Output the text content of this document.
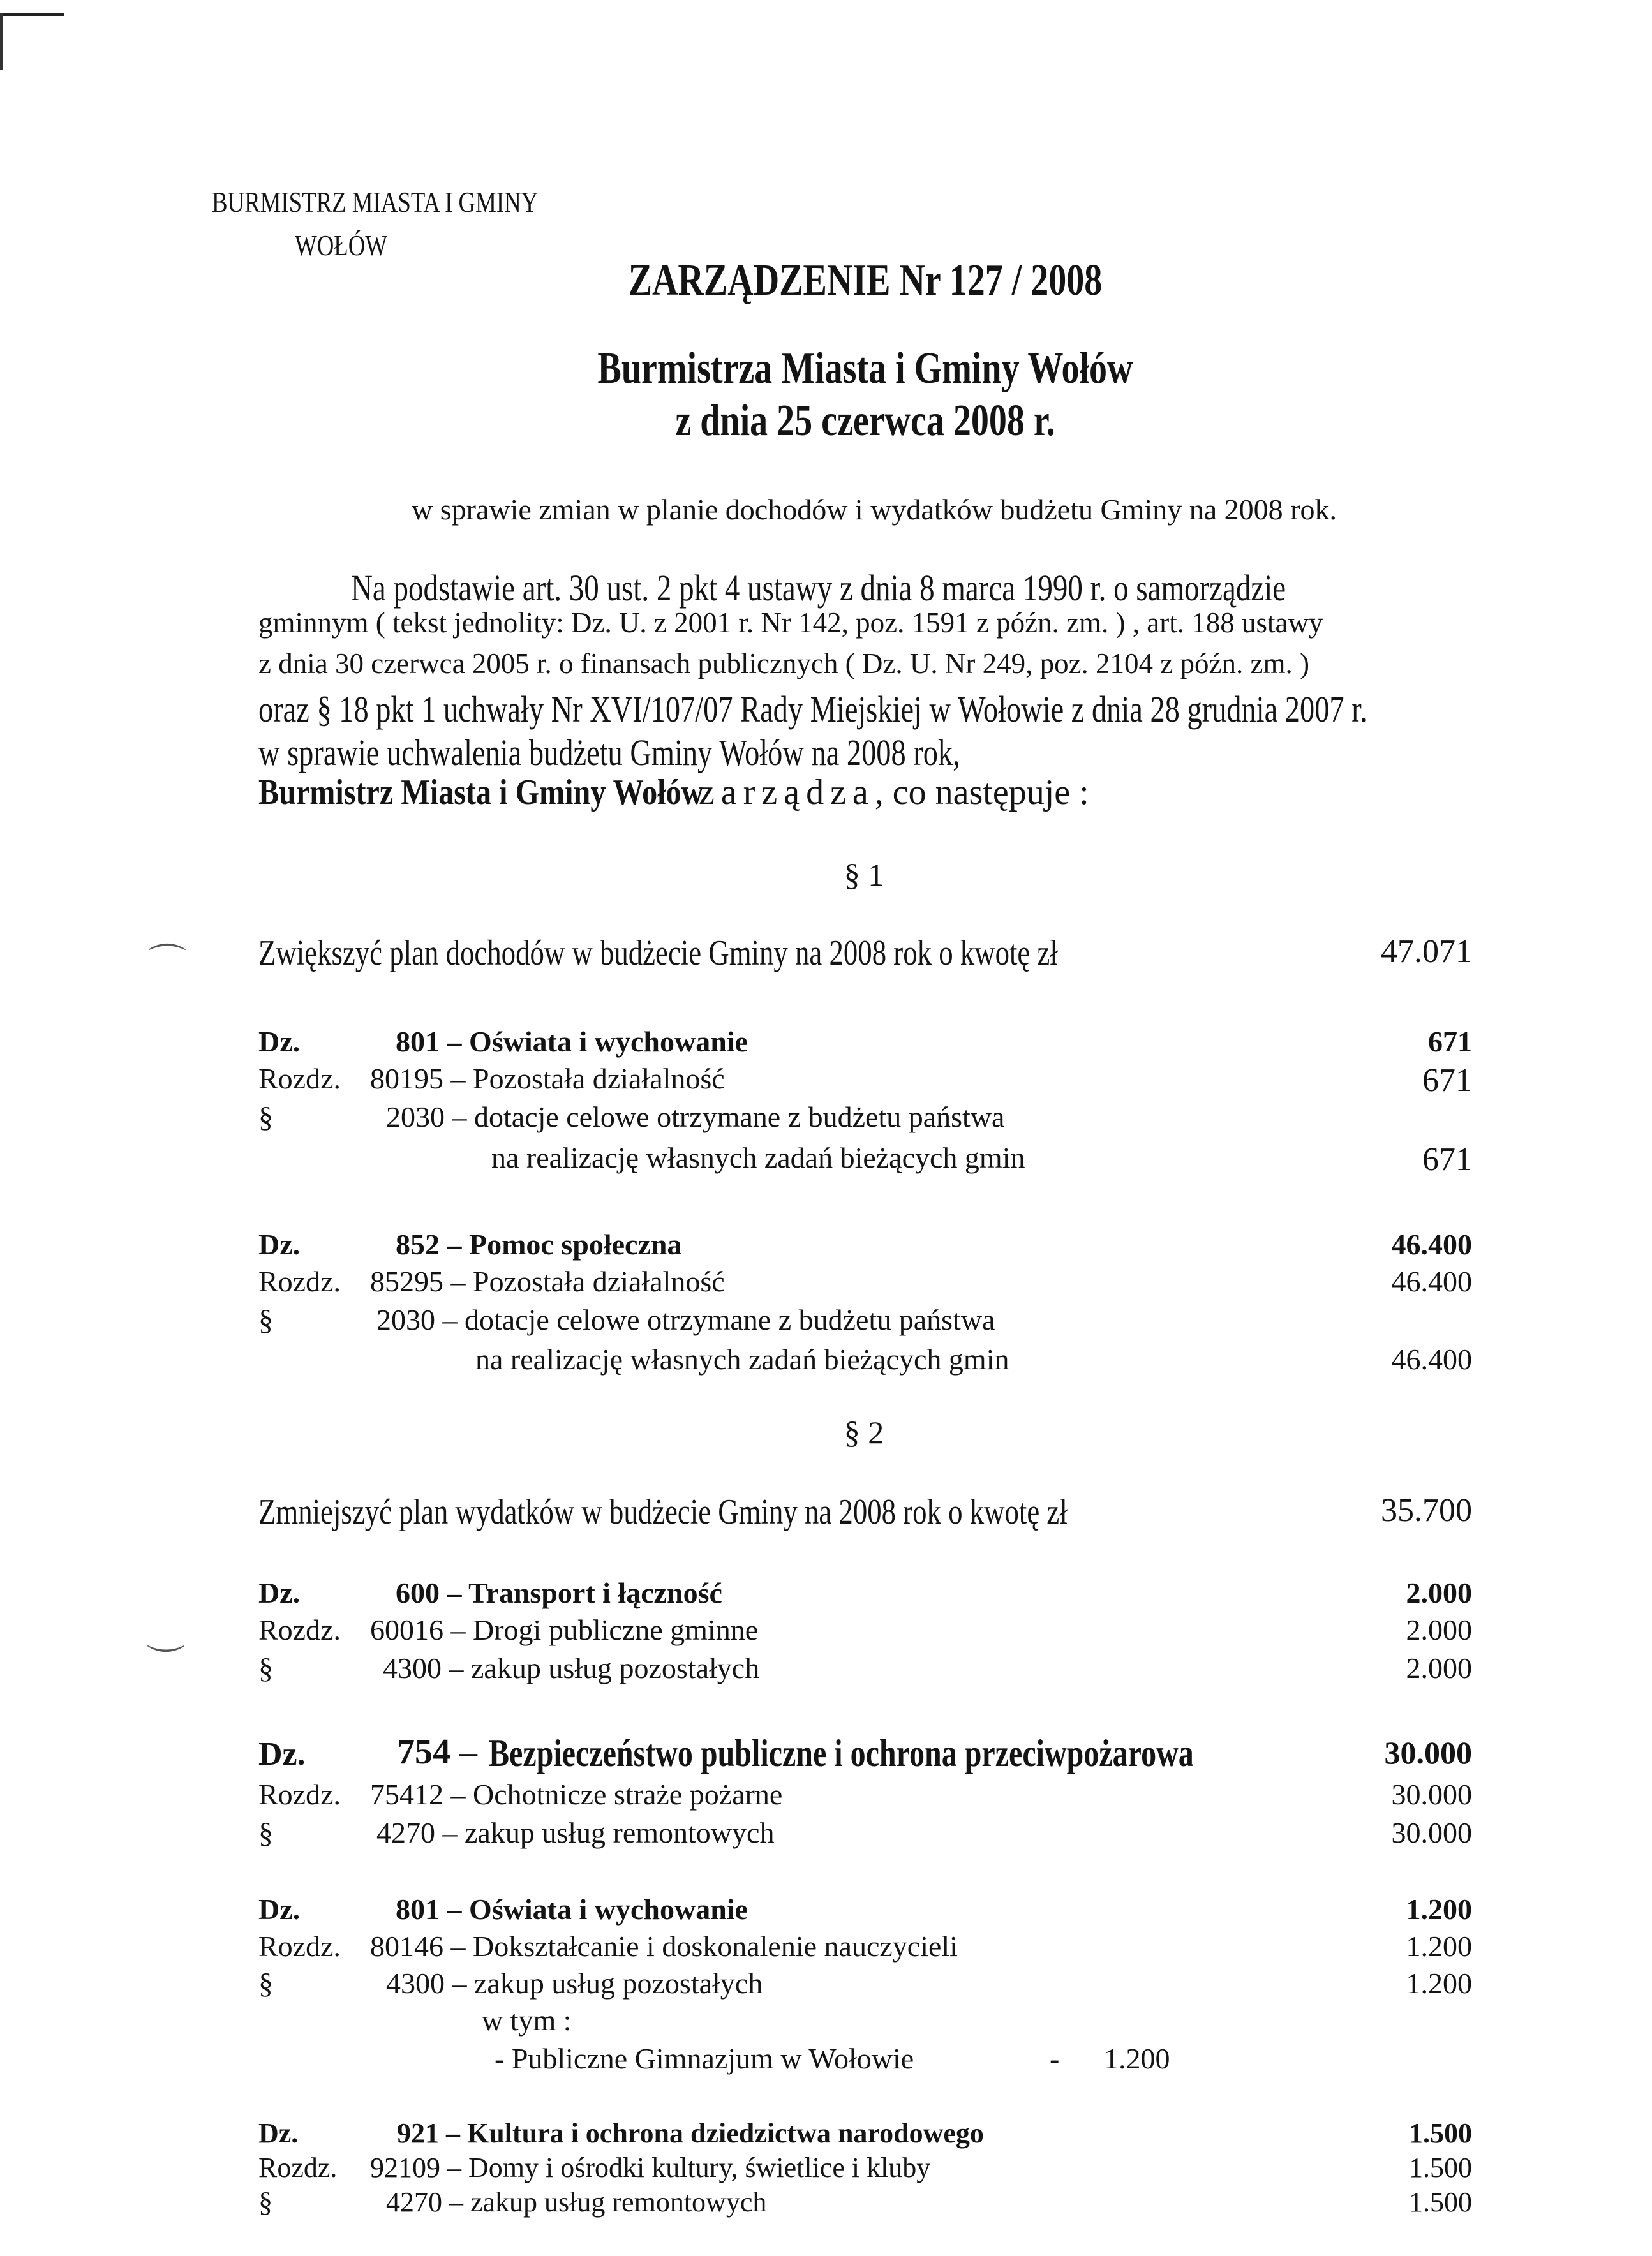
⌒
⌒
BURMISTRZ MIASTA I GMINY
WOŁÓW
ZARZĄDZENIE Nr 127 / 2008
Burmistrza Miasta i Gminy Wołów
z dnia 25 czerwca 2008 r.
w sprawie zmian w planie dochodów i wydatków budżetu Gminy na 2008 rok.
Na podstawie art. 30 ust. 2 pkt 4 ustawy z dnia 8 marca 1990 r. o samorządzie
gminnym ( tekst jednolity: Dz. U. z 2001 r. Nr 142, poz. 1591 z późn. zm. ) , art. 188 ustawy
z dnia 30 czerwca 2005 r. o finansach publicznych ( Dz. U. Nr 249, poz. 2104 z późn. zm. )
oraz § 18 pkt 1 uchwały Nr XVI/107/07 Rady Miejskiej w Wołowie z dnia 28 grudnia 2007 r.
w sprawie uchwalenia budżetu Gminy Wołów na 2008 rok,
Burmistrz Miasta i Gminy Wołówzarządza, co następuje :
§ 1
Zwiększyć plan dochodów w budżecie Gminy na 2008 rok o kwotę zł	47.071
Dz.	801 – Oświata i wychowanie	671
Rozdz. 80195 – Pozostała działalność	671
§	2030 – dotacje celowe otrzymane z budżetu państwa
na realizację własnych zadań bieżących gmin	671
Dz.	852 – Pomoc społeczna	46.400
Rozdz. 85295 – Pozostała działalność	46.400
§	2030 – dotacje celowe otrzymane z budżetu państwa
na realizację własnych zadań bieżących gmin	46.400
§ 2
Zmniejszyć plan wydatków w budżecie Gminy na 2008 rok o kwotę zł	35.700
Dz.	600 – Transport i łączność	2.000
Rozdz. 60016 – Drogi publiczne gminne	2.000
§	4300 – zakup usług pozostałych	2.000
Dz.	754 – Bezpieczeństwo publiczne i ochrona przeciwpożarowa	30.000
Rozdz. 75412 – Ochotnicze straże pożarne	30.000
§	4270 – zakup usług remontowych	30.000
Dz.	801 – Oświata i wychowanie	1.200
Rozdz. 80146 – Dokształcanie i doskonalenie nauczycieli	1.200
§	4300 – zakup usług pozostałych	1.200
w tym :
- Publiczne Gimnazjum w Wołowie	- 1.200
Dz.	921 – Kultura i ochrona dziedzictwa narodowego	1.500
Rozdz. 92109 – Domy i ośrodki kultury, świetlice i kluby	1.500
§	4270 – zakup usług remontowych	1.500
